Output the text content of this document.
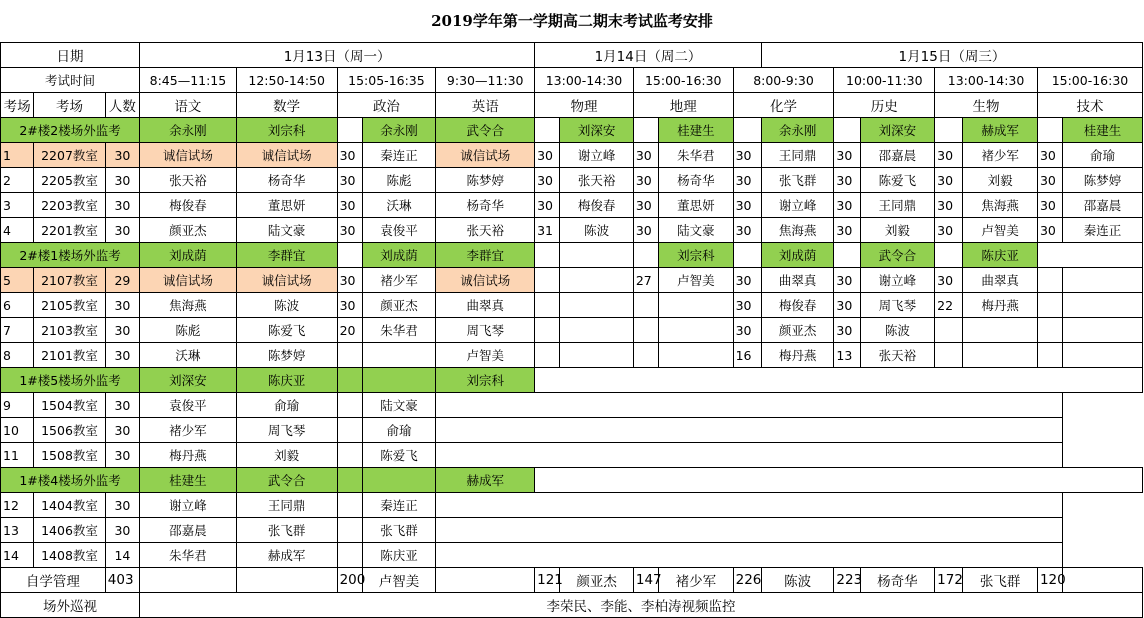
2019学年第一学期高二期末考试监考安排
日期			1月13日（周一）					1月14日（周二）					1月15日（周三）						
考试时间			8:45—11:15	12:50-14:50	15:05-16:35		9:30—11:30	13:00-14:30		15:00-16:30		8:00-9:30		10:00-11:30		13:00-14:30		15:00-16:30	
考场	考场	人数	语文	数学	政治		英语	物理		地理		化学		历史		生物		技术	
2#楼2楼场外监考			余永刚	刘宗科		余永刚	武令合		刘深安		桂建生		余永刚		刘深安		赫成军		桂建生
1	2207教室	30	诚信试场	诚信试场	30	秦连正	诚信试场	30	谢立峰	30	朱华君	30	王同鼎	30	邵嘉晨	30	褚少军	30	俞瑜
2	2205教室	30	张天裕	杨奇华	30	陈彪	陈梦婷	30	张天裕	30	杨奇华	30	张飞群	30	陈爱飞	30	刘毅	30	陈梦婷
3	2203教室	30	梅俊春	董思妍	30	沃琳	杨奇华	30	梅俊春	30	董思妍	30	谢立峰	30	王同鼎	30	焦海燕	30	邵嘉晨
4	2201教室	30	颜亚杰	陆文豪	30	袁俊平	张天裕	31	陈波	30	陆文豪	30	焦海燕	30	刘毅	30	卢智美	30	秦连正
2#楼1楼场外监考			刘成荫	李群宜		刘成荫	李群宜				刘宗科		刘成荫		武令合		陈庆亚		
5	2107教室	29	诚信试场	诚信试场	30	褚少军	诚信试场			27	卢智美	30	曲翠真	30	谢立峰	30	曲翠真		
6	2105教室	30	焦海燕	陈波	30	颜亚杰	曲翠真					30	梅俊春	30	周飞琴	22	梅丹燕		
7	2103教室	30	陈彪	陈爱飞	20	朱华君	周飞琴					30	颜亚杰	30	陈波				
8	2101教室	30	沃琳	陈梦婷			卢智美					16	梅丹燕	13	张天裕				
1#楼5楼场外监考			刘深安	陈庆亚			刘宗科												
9	1504教室	30	袁俊平	俞瑜		陆文豪													
10	1506教室	30	褚少军	周飞琴		俞瑜													
11	1508教室	30	梅丹燕	刘毅		陈爱飞													
1#楼4楼场外监考			桂建生	武令合			赫成军												
12	1404教室	30	谢立峰	王同鼎		秦连正													
13	1406教室	30	邵嘉晨	张飞群		张飞群													
14	1408教室	14	朱华君	赫成军		陈庆亚													
自学管理		403			200	卢智美		121	颜亚杰	147	褚少军	226	陈波	223	杨奇华	172	张飞群	120	
场外巡视			李荣民、李能、李柏涛视频监控																
